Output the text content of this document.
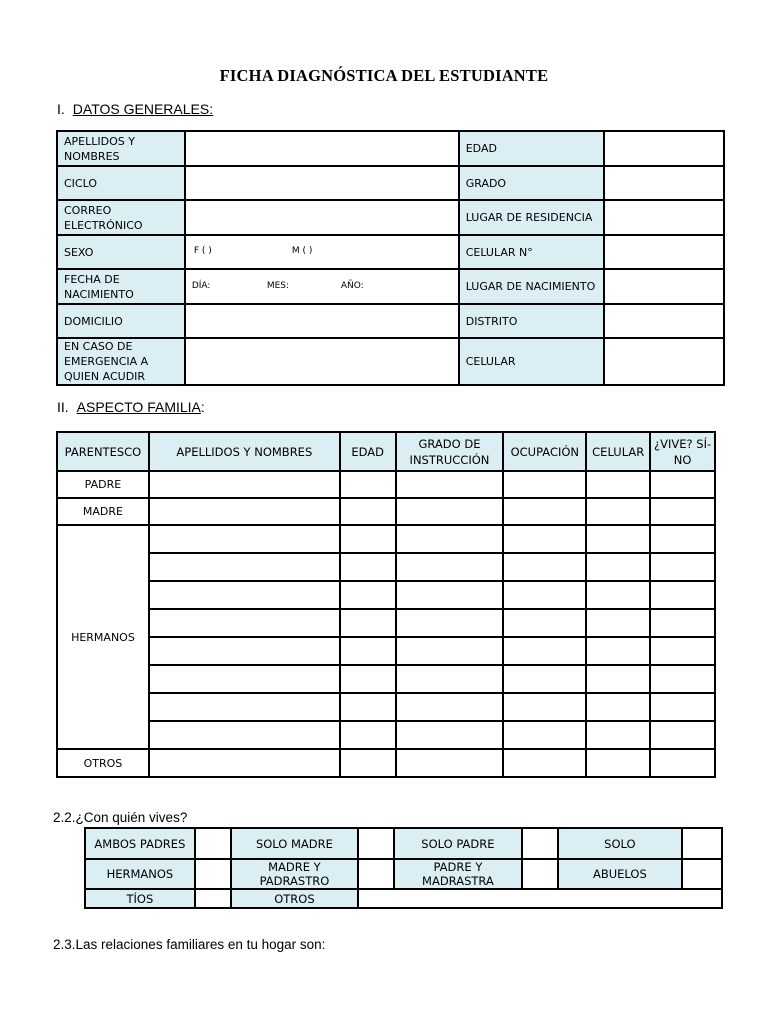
FICHA DIAGNÓSTICA DEL ESTUDIANTE
I. DATOS GENERALES:
APELLIDOS Y NOMBRES		EDAD	
CICLO		GRADO	
CORREO ELECTRÓNICO		LUGAR DE RESIDENCIA	
SEXO	F ( ) M ( )	CELULAR N°	
FECHA DE NACIMIENTO	DÍA: MES: AÑO:	LUGAR DE NACIMIENTO	
DOMICILIO		DISTRITO	
EN CASO DE EMERGENCIA A QUIEN ACUDIR		CELULAR	
II. ASPECTO FAMILIA:
PARENTESCO	APELLIDOS Y NOMBRES	EDAD	GRADO DE INSTRUCCIÓN	OCUPACIÓN	CELULAR	¿VIVE? SÍ-NO
PADRE						
MADRE						
HERMANOS						

OTROS						
2.2.¿Con quién vives?
AMBOS PADRES		SOLO MADRE		SOLO PADRE		SOLO	
HERMANOS		MADRE Y PADRASTRO		PADRE Y MADRASTRA		ABUELOS	
TÍOS		OTROS					
2.3.Las relaciones familiares en tu hogar son:
